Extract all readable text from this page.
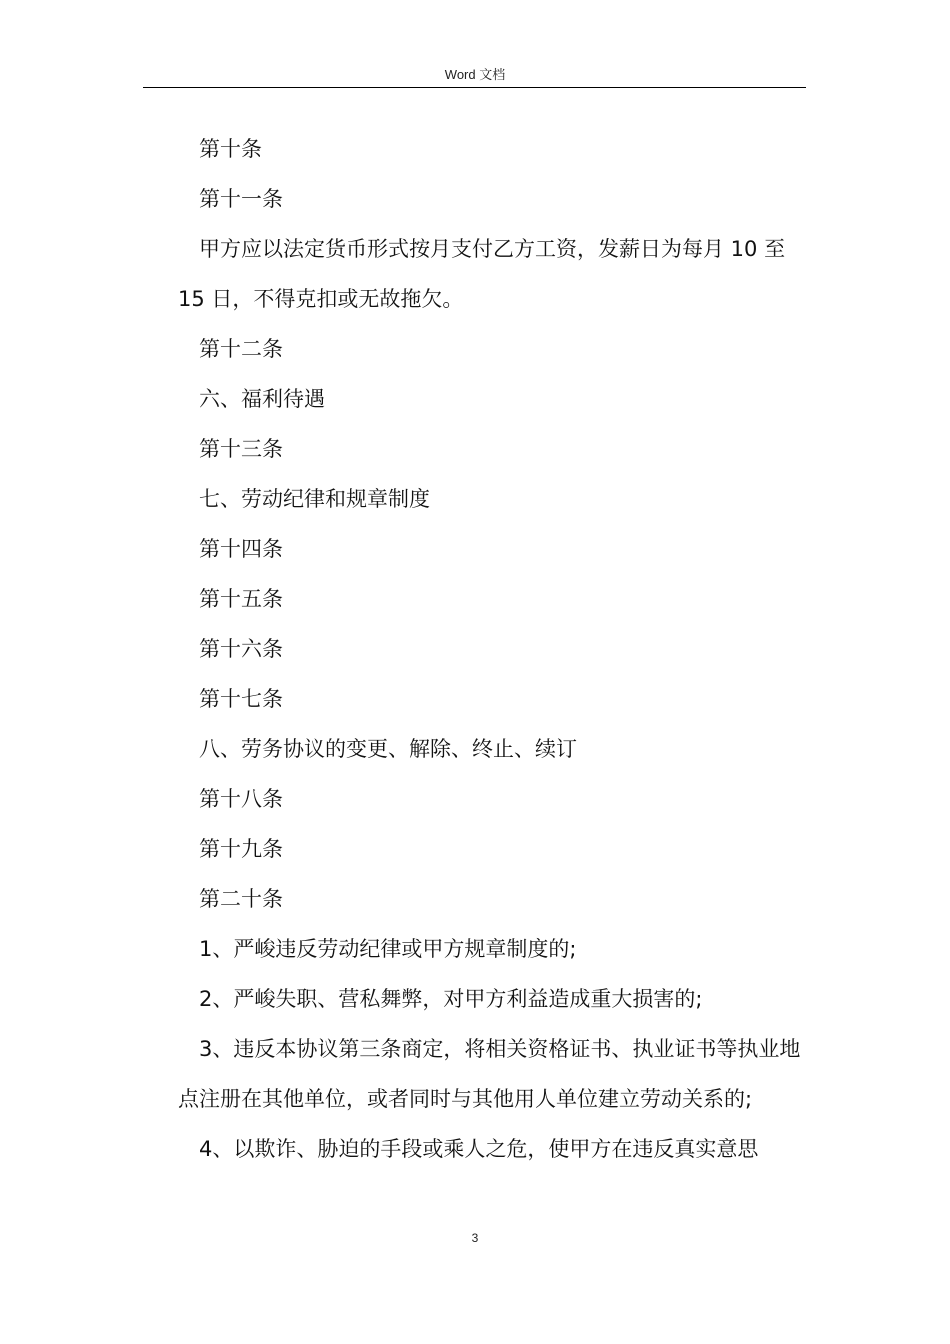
Word 文档

第十条

第十一条

甲方应以法定货币形式按月支付乙方工资，发薪日为每月 10 至 15 日，不得克扣或无故拖欠。

第十二条

六、福利待遇

第十三条

七、劳动纪律和规章制度

第十四条

第十五条

第十六条

第十七条

八、劳务协议的变更、解除、终止、续订

第十八条

第十九条

第二十条

1、严峻违反劳动纪律或甲方规章制度的;

2、严峻失职、营私舞弊，对甲方利益造成重大损害的;

3、违反本协议第三条商定，将相关资格证书、执业证书等执业地点注册在其他单位，或者同时与其他用人单位建立劳动关系的;

4、以欺诈、胁迫的手段或乘人之危，使甲方在违反真实意思

3
